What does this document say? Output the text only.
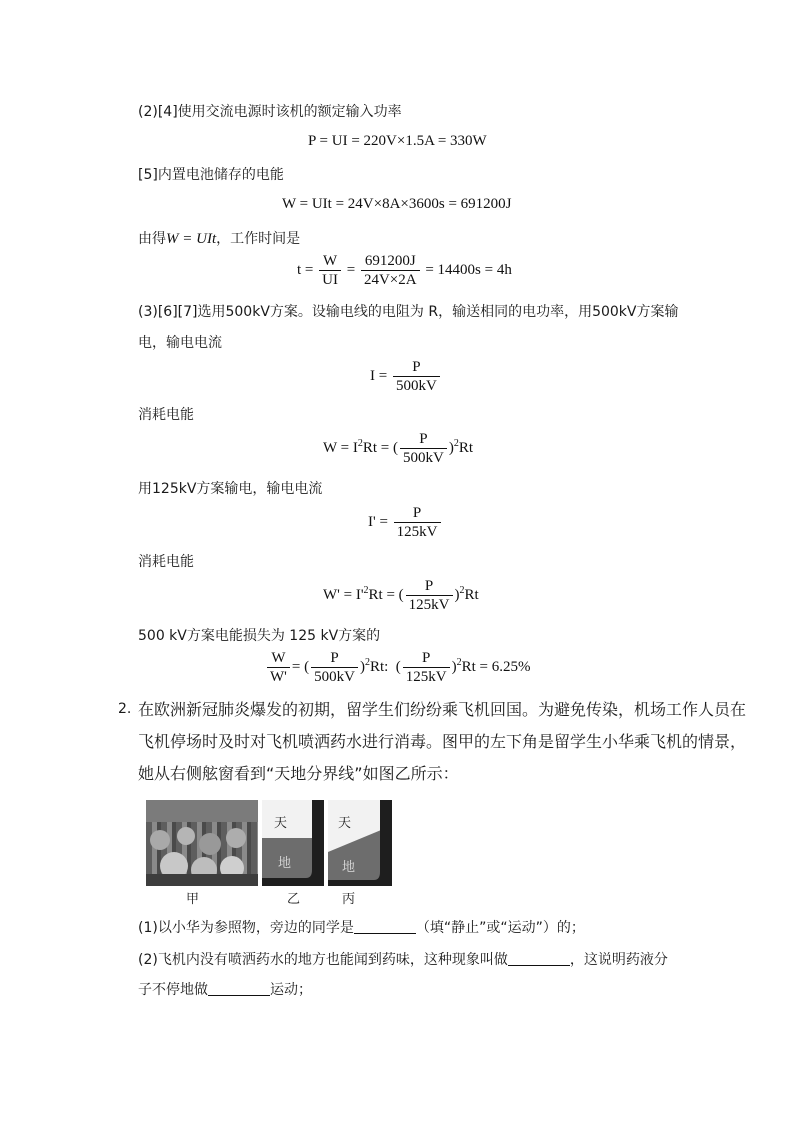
(2)[4]使用交流电源时该机的额定输入功率
P = UI = 220V×1.5A = 330W
[5]内置电池储存的电能
W = UIt = 24V×8A×3600s = 691200J
由得W = UIt，工作时间是
$t = \frac{W}{UI} = \frac{691200J}{24V\times 2A} = 14400s = 4h$
(3)[6][7]选用500kV方案。设输电线的电阻为 R，输送相同的电功率，用500kV方案输
电，输电电流
$I = \frac{P}{500kV}$
消耗电能
$W = I^2Rt$ = ( $\frac{P}{500kV} )^2Rt$
用125kV方案输电，输电电流
$I' = \frac{P}{125kV}$
消耗电能
$W' = I'^2Rt$ = ( $\frac{P}{125kV} )^2Rt$
500 kV方案电能损失为 125 kV方案的
$\frac{W}{W'}$ = ( $\frac{P}{500kV} )^2Rt$:  ( $\frac{P}{125kV} )^2Rt = 6.25\%$
2. 在欧洲新冠肺炎爆发的初期，留学生们纷纷乘飞机回国。为避免传染，机场工作人员在
飞机停场时及时对飞机喷洒药水进行消毒。图甲的左下角是留学生小华乘飞机的情景，
她从右侧舷窗看到“天地分界线”如图乙所示：
天
地
天
地
甲	乙	丙
(1)以小华为参照物，旁边的同学是	（填“静止”或“运动”）的；
(2)飞机内没有喷洒药水的地方也能闻到药味，这种现象叫做	，这说明药液分
子不停地做	运动；
